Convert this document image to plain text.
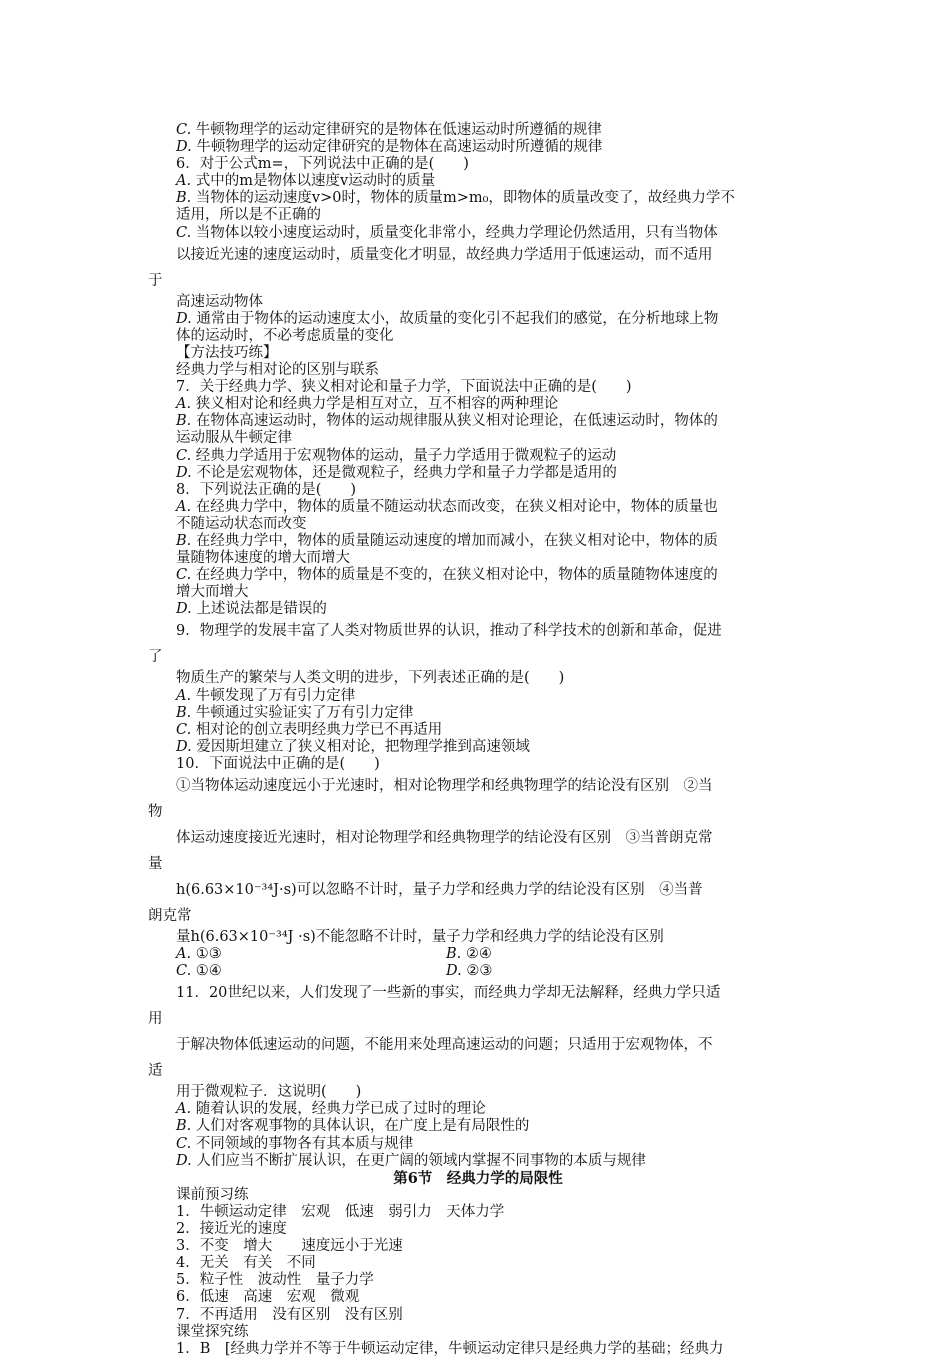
C. 牛顿物理学的运动定律研究的是物体在低速运动时所遵循的规律
D. 牛顿物理学的运动定律研究的是物体在高速运动时所遵循的规律
6．对于公式m=，下列说法中正确的是(　　)
A. 式中的m是物体以速度v运动时的质量
B. 当物体的运动速度v>0时，物体的质量m>m₀，即物体的质量改变了，故经典力学不
适用，所以是不正确的
C. 当物体以较小速度运动时，质量变化非常小，经典力学理论仍然适用，只有当物体
以接近光速的速度运动时，质量变化才明显，故经典力学适用于低速运动，而不适用
于
高速运动物体
D. 通常由于物体的运动速度太小，故质量的变化引不起我们的感觉，在分析地球上物
体的运动时，不必考虑质量的变化
【方法技巧练】
经典力学与相对论的区别与联系
7．关于经典力学、狭义相对论和量子力学，下面说法中正确的是(　　)
A. 狭义相对论和经典力学是相互对立，互不相容的两种理论
B. 在物体高速运动时，物体的运动规律服从狭义相对论理论，在低速运动时，物体的
运动服从牛顿定律
C. 经典力学适用于宏观物体的运动，量子力学适用于微观粒子的运动
D. 不论是宏观物体，还是微观粒子，经典力学和量子力学都是适用的
8．下列说法正确的是(　　)
A. 在经典力学中，物体的质量不随运动状态而改变，在狭义相对论中，物体的质量也
不随运动状态而改变
B. 在经典力学中，物体的质量随运动速度的增加而减小，在狭义相对论中，物体的质
量随物体速度的增大而增大
C. 在经典力学中，物体的质量是不变的，在狭义相对论中，物体的质量随物体速度的
增大而增大
D. 上述说法都是错误的
9．物理学的发展丰富了人类对物质世界的认识，推动了科学技术的创新和革命，促进
了
物质生产的繁荣与人类文明的进步，下列表述正确的是(　　)
A. 牛顿发现了万有引力定律
B. 牛顿通过实验证实了万有引力定律
C. 相对论的创立表明经典力学已不再适用
D. 爱因斯坦建立了狭义相对论，把物理学推到高速领域
10．下面说法中正确的是(　　)
①当物体运动速度远小于光速时，相对论物理学和经典物理学的结论没有区别　②当
物
体运动速度接近光速时，相对论物理学和经典物理学的结论没有区别　③当普朗克常
量
h(6.63×10⁻³⁴J·s)可以忽略不计时，量子力学和经典力学的结论没有区别　④当普
朗克常
量h(6.63×10⁻³⁴J ·s)不能忽略不计时，量子力学和经典力学的结论没有区别
A. ①③	B. ②④
C. ①④	D. ②③
11．20世纪以来，人们发现了一些新的事实，而经典力学却无法解释，经典力学只适
用
于解决物体低速运动的问题，不能用来处理高速运动的问题；只适用于宏观物体，不
适
用于微观粒子．这说明(　　)
A. 随着认识的发展，经典力学已成了过时的理论
B. 人们对客观事物的具体认识，在广度上是有局限性的
C. 不同领域的事物各有其本质与规律
D. 人们应当不断扩展认识，在更广阔的领域内掌握不同事物的本质与规律
第6节　经典力学的局限性
课前预习练
1．牛顿运动定律　宏观　低速　弱引力　天体力学
2．接近光的速度
3．不变　增大　　速度远小于光速
4．无关　有关　不同
5．粒子性　波动性　量子力学
6．低速　高速　宏观　微观
7．不再适用　没有区别　没有区别
课堂探究练
1．B　[经典力学并不等于牛顿运动定律，牛顿运动定律只是经典力学的基础；经典力
